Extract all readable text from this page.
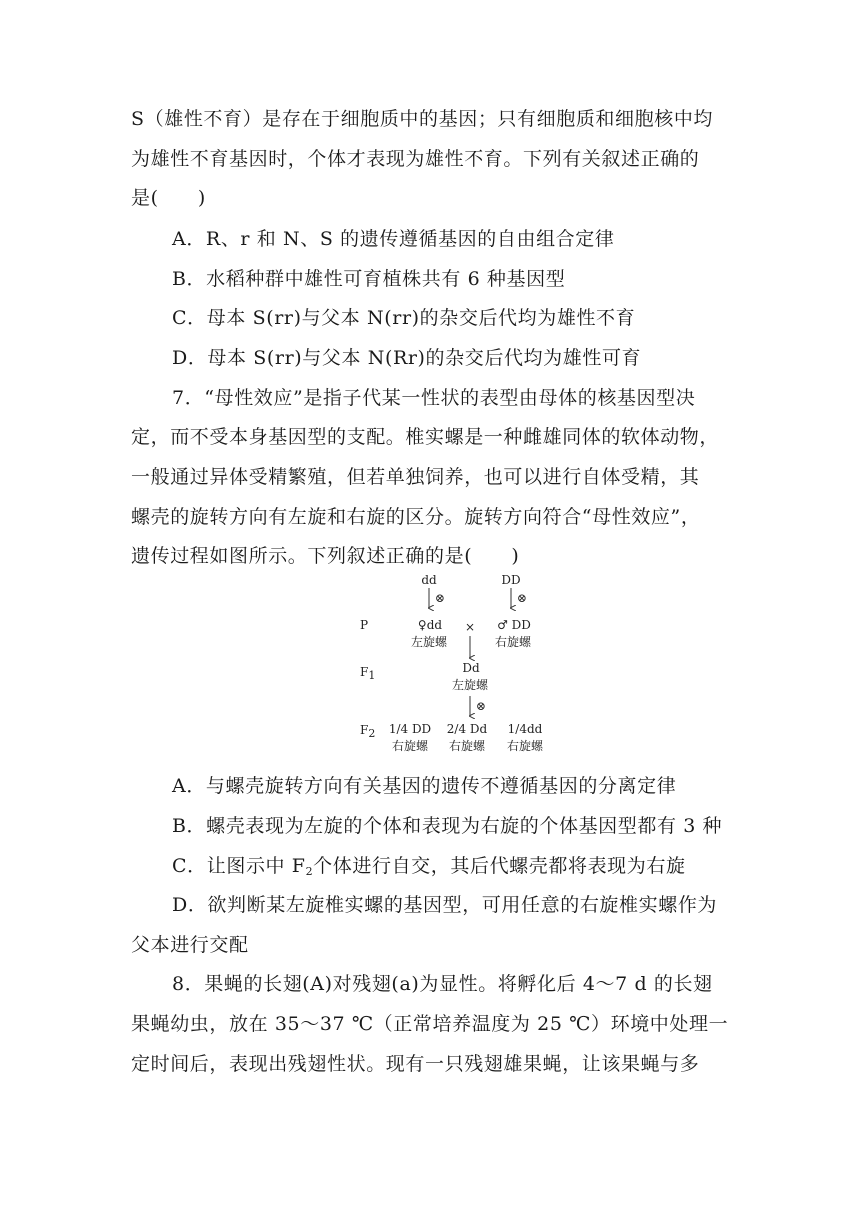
S（雄性不育）是存在于细胞质中的基因；只有细胞质和细胞核中均
为雄性不育基因时，个体才表现为雄性不育。下列有关叙述正确的
是(　　)
A．R、r 和 N、S 的遗传遵循基因的自由组合定律
B．水稻种群中雄性可育植株共有 6 种基因型
C．母本 S(rr)与父本 N(rr)的杂交后代均为雄性不育
D．母本 S(rr)与父本 N(Rr)的杂交后代均为雄性可育
7．“母性效应”是指子代某一性状的表型由母体的核基因型决
定，而不受本身基因型的支配。椎实螺是一种雌雄同体的软体动物，
一般通过异体受精繁殖，但若单独饲养，也可以进行自体受精，其
螺壳的旋转方向有左旋和右旋的区分。旋转方向符合“母性效应”，
遗传过程如图所示。下列叙述正确的是(　　)
dd	DD
⊗	⊗
P	♀dd × ♂ DD
左旋螺	右旋螺
$F_1$
Dd
左旋螺
⊗
$F_2$ 1/4 DD 2/4 Dd 1/4dd
右旋螺 右旋螺 右旋螺
A．与螺壳旋转方向有关基因的遗传不遵循基因的分离定律
B．螺壳表现为左旋的个体和表现为右旋的个体基因型都有 3 种
C．让图示中 $F_2$个体进行自交，其后代螺壳都将表现为右旋
D．欲判断某左旋椎实螺的基因型，可用任意的右旋椎实螺作为
父本进行交配
8．果蝇的长翅(A)对残翅(a)为显性。将孵化后 4～7 d 的长翅
果蝇幼虫，放在 35～37 ℃（正常培养温度为 25 ℃）环境中处理一
定时间后，表现出残翅性状。现有一只残翅雄果蝇，让该果蝇与多
